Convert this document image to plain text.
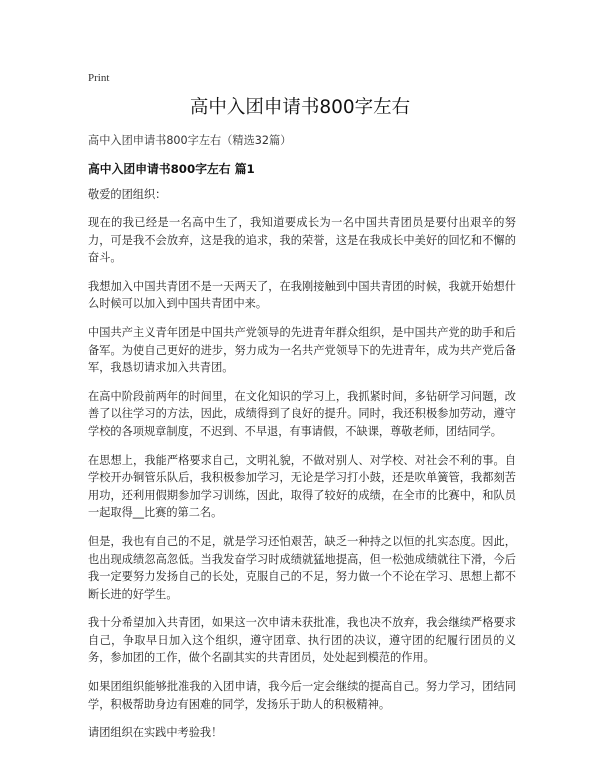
Print
高中入团申请书800字左右
高中入团申请书800字左右（精选32篇）
高中入团申请书800字左右 篇1

敬爱的团组织：

现在的我已经是一名高中生了，我知道要成长为一名中国共青团员是要付出艰辛的努力，可是我不会放弃，这是我的追求，我的荣誉，这是在我成长中美好的回忆和不懈的奋斗。

我想加入中国共青团不是一天两天了，在我刚接触到中国共青团的时候，我就开始想什么时候可以加入到中国共青团中来。

中国共产主义青年团是中国共产党领导的先进青年群众组织，是中国共产党的助手和后备军。为使自己更好的进步，努力成为一名共产党领导下的先进青年，成为共产党后备军，我恳切请求加入共青团。

在高中阶段前两年的时间里，在文化知识的学习上，我抓紧时间，多钻研学习问题，改善了以往学习的方法，因此，成绩得到了良好的提升。同时，我还积极参加劳动，遵守学校的各项规章制度，不迟到、不早退，有事请假，不缺课，尊敬老师，团结同学。

在思想上，我能严格要求自己，文明礼貌，不做对别人、对学校、对社会不利的事。自学校开办铜管乐队后，我积极参加学习，无论是学习打小鼓，还是吹单簧管，我都刻苦用功，还利用假期参加学习训练，因此，取得了较好的成绩，在全市的比赛中，和队员一起取得__比赛的第二名。

但是，我也有自己的不足，就是学习还怕艰苦，缺乏一种持之以恒的扎实态度。因此，也出现成绩忽高忽低。当我发奋学习时成绩就猛地提高，但一松弛成绩就往下滑，今后我一定要努力发扬自己的长处，克服自己的不足，努力做一个不论在学习、思想上都不断长进的好学生。

我十分希望加入共青团，如果这一次申请未获批准，我也决不放弃，我会继续严格要求自己，争取早日加入这个组织，遵守团章、执行团的决议，遵守团的纪履行团员的义务，参加团的工作，做个名副其实的共青团员，处处起到模范的作用。

如果团组织能够批准我的入团申请，我今后一定会继续的提高自己。努力学习，团结同学，积极帮助身边有困难的同学，发扬乐于助人的积极精神。

请团组织在实践中考验我！
